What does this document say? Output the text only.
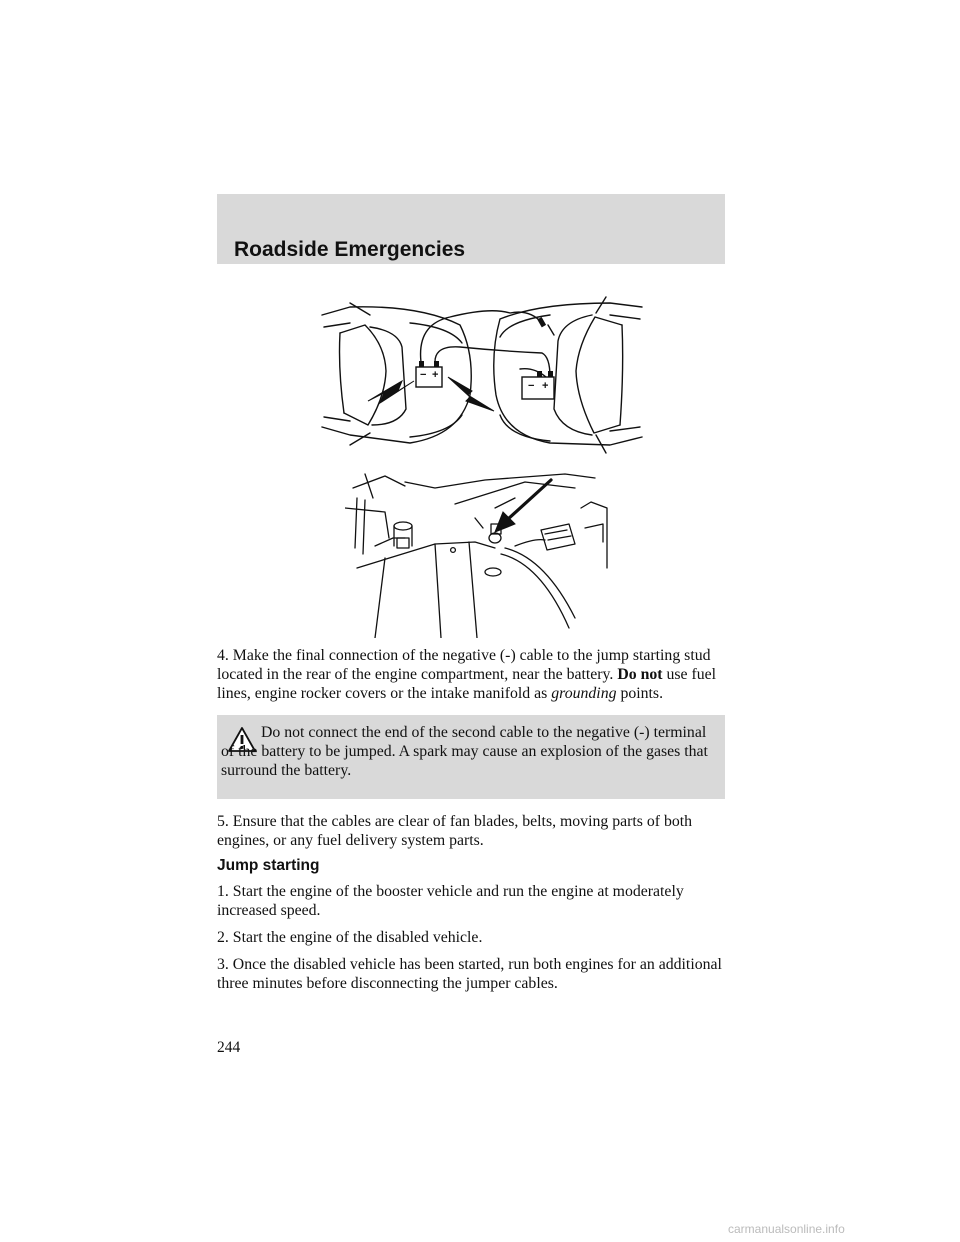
Roadside Emergencies
− +
− +

4. Make the final connection of the negative (-) cable to the jump starting stud located in the rear of the engine compartment, near the battery. Do not use fuel lines, engine rocker covers or the intake manifold as grounding points.

Do not connect the end of the second cable to the negative (-) terminal of the battery to be jumped. A spark may cause an explosion of the gases that surround the battery.

5. Ensure that the cables are clear of fan blades, belts, moving parts of both engines, or any fuel delivery system parts.

Jump starting

1. Start the engine of the booster vehicle and run the engine at moderately increased speed.

2. Start the engine of the disabled vehicle.

3. Once the disabled vehicle has been started, run both engines for an additional three minutes before disconnecting the jumper cables.

244

carmanualsonline.info
